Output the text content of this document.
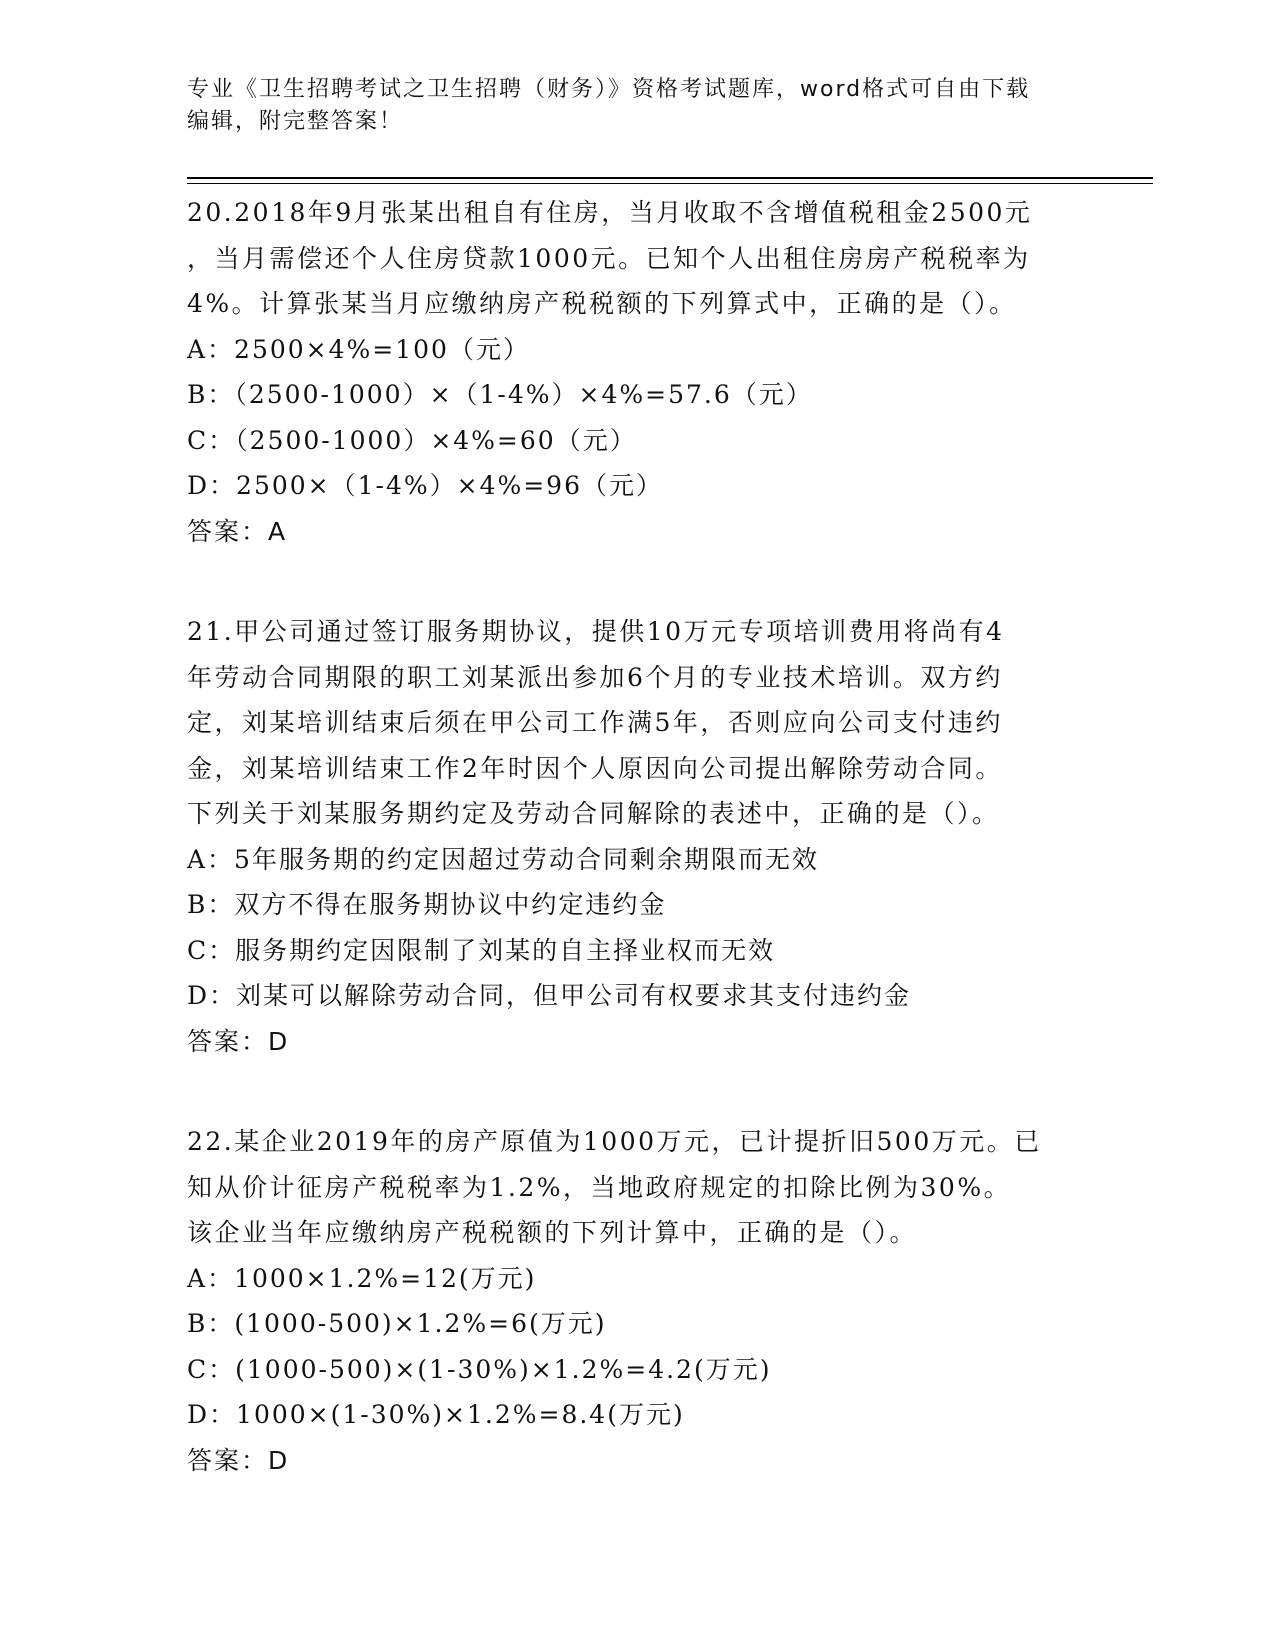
专业《卫生招聘考试之卫生招聘（财务）》资格考试题库，word格式可自由下载
编辑，附完整答案！
20.2018年9月张某出租自有住房，当月收取不含增值税租金2500元
，当月需偿还个人住房贷款1000元。已知个人出租住房房产税税率为
4%。计算张某当月应缴纳房产税税额的下列算式中，正确的是（）。
A：2500×4%=100（元）
B：（2500-1000）×（1-4%）×4%=57.6（元）
C：（2500-1000）×4%=60（元）
D：2500×（1-4%）×4%=96（元）
答案：A
21.甲公司通过签订服务期协议，提供10万元专项培训费用将尚有4
年劳动合同期限的职工刘某派出参加6个月的专业技术培训。双方约
定，刘某培训结束后须在甲公司工作满5年，否则应向公司支付违约
金，刘某培训结束工作2年时因个人原因向公司提出解除劳动合同。
下列关于刘某服务期约定及劳动合同解除的表述中，正确的是（）。
A：5年服务期的约定因超过劳动合同剩余期限而无效
B：双方不得在服务期协议中约定违约金
C：服务期约定因限制了刘某的自主择业权而无效
D：刘某可以解除劳动合同，但甲公司有权要求其支付违约金
答案：D
22.某企业2019年的房产原值为1000万元，已计提折旧500万元。已
知从价计征房产税税率为1.2%，当地政府规定的扣除比例为30%。
该企业当年应缴纳房产税税额的下列计算中，正确的是（）。
A：1000×1.2%=12(万元)
B：(1000-500)×1.2%=6(万元)
C：(1000-500)×(1-30%)×1.2%=4.2(万元)
D：1000×(1-30%)×1.2%=8.4(万元)
答案：D
